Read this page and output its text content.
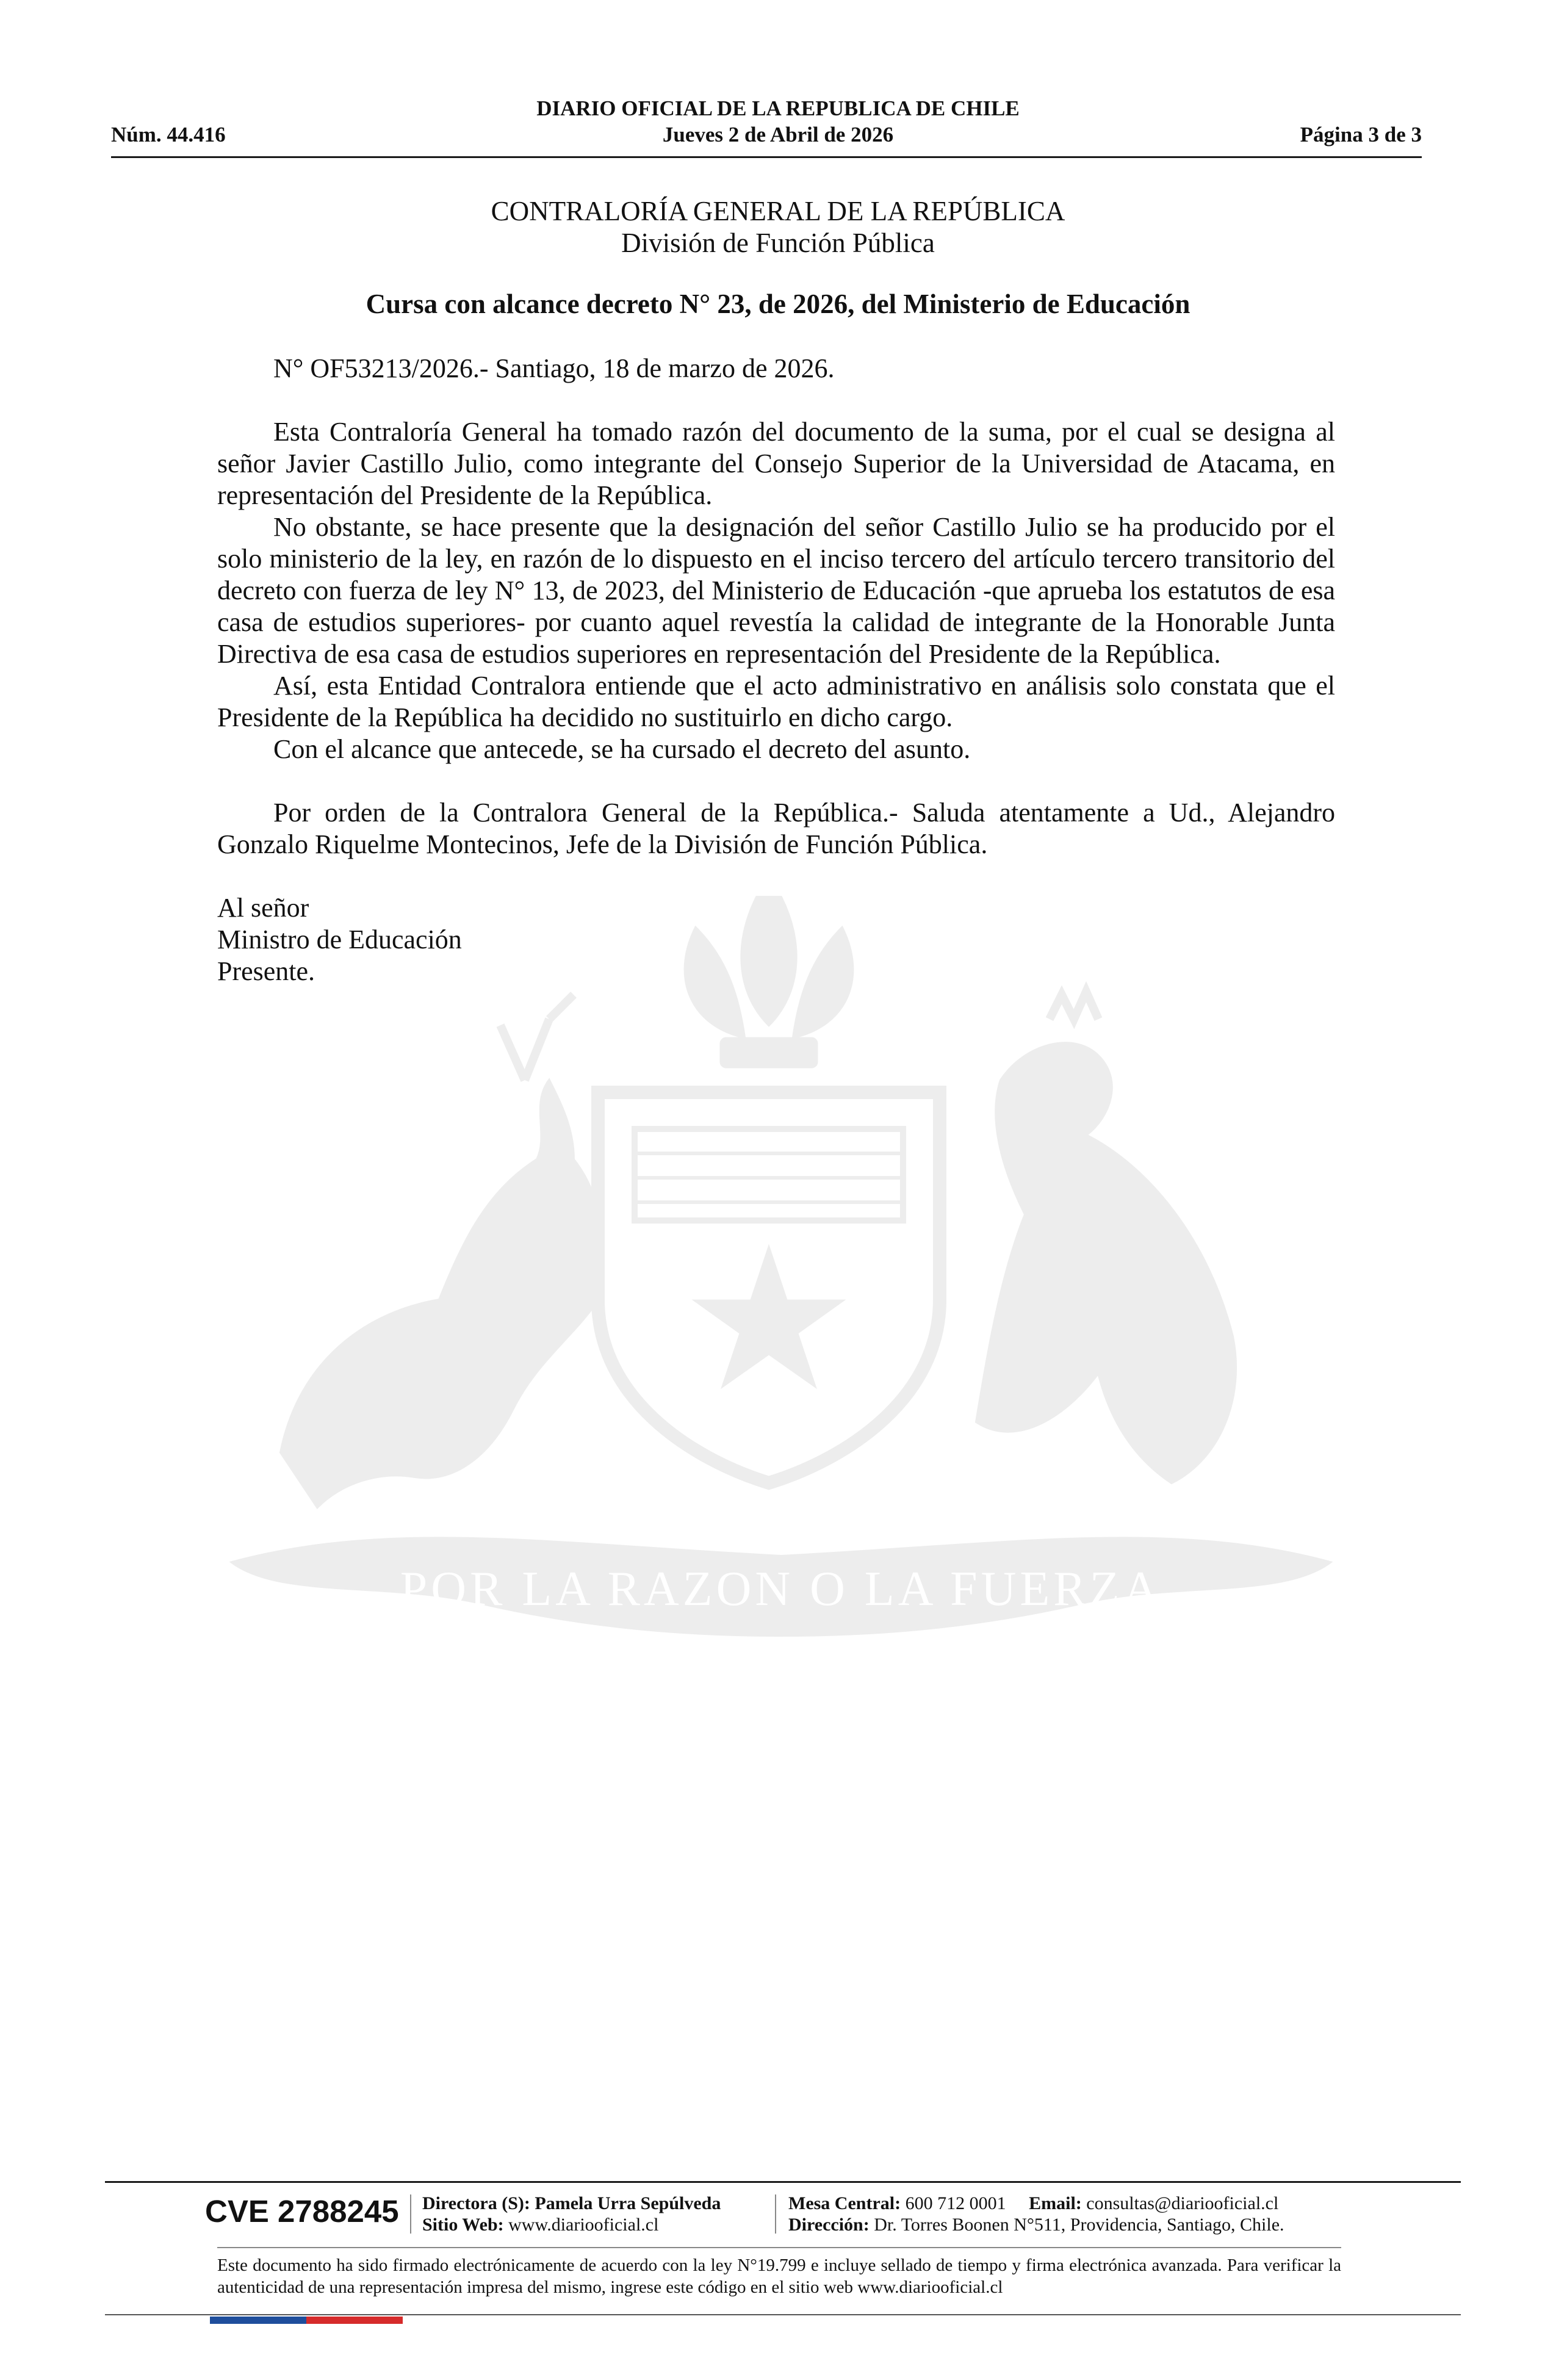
DIARIO OFICIAL DE LA REPUBLICA DE CHILE
Núm. 44.416	Jueves 2 de Abril de 2026	Página 3 de 3
POR LA RAZON O LA FUERZA
CONTRALORÍA GENERAL DE LA REPÚBLICA
División de Función Pública
Cursa con alcance decreto N° 23, de 2026, del Ministerio de Educación

N° OF53213/2026.- Santiago, 18 de marzo de 2026.

Esta Contraloría General ha tomado razón del documento de la suma, por el cual se designa al señor Javier Castillo Julio, como integrante del Consejo Superior de la Universidad de Atacama, en representación del Presidente de la República.

No obstante, se hace presente que la designación del señor Castillo Julio se ha producido por el solo ministerio de la ley, en razón de lo dispuesto en el inciso tercero del artículo tercero transitorio del decreto con fuerza de ley N° 13, de 2023, del Ministerio de Educación -que aprueba los estatutos de esa casa de estudios superiores- por cuanto aquel revestía la calidad de integrante de la Honorable Junta Directiva de esa casa de estudios superiores en representación del Presidente de la República.

Así, esta Entidad Contralora entiende que el acto administrativo en análisis solo constata que el Presidente de la República ha decidido no sustituirlo en dicho cargo.

Con el alcance que antecede, se ha cursado el decreto del asunto.

Por orden de la Contralora General de la República.- Saluda atentamente a Ud., Alejandro Gonzalo Riquelme Montecinos, Jefe de la División de Función Pública.

Al señor
Ministro de Educación
Presente.
CVE 2788245 Directora (S): Pamela Urra Sepúlveda
Sitio Web: www.diariooficial.cl
Mesa Central: 600 712 0001 Email: consultas@diariooficial.cl
Dirección: Dr. Torres Boonen N°511, Providencia, Santiago, Chile.
Este documento ha sido firmado electrónicamente de acuerdo con la ley N°19.799 e incluye sellado de tiempo y firma electrónica avanzada. Para verificar la autenticidad de una representación impresa del mismo, ingrese este código en el sitio web www.diariooficial.cl
